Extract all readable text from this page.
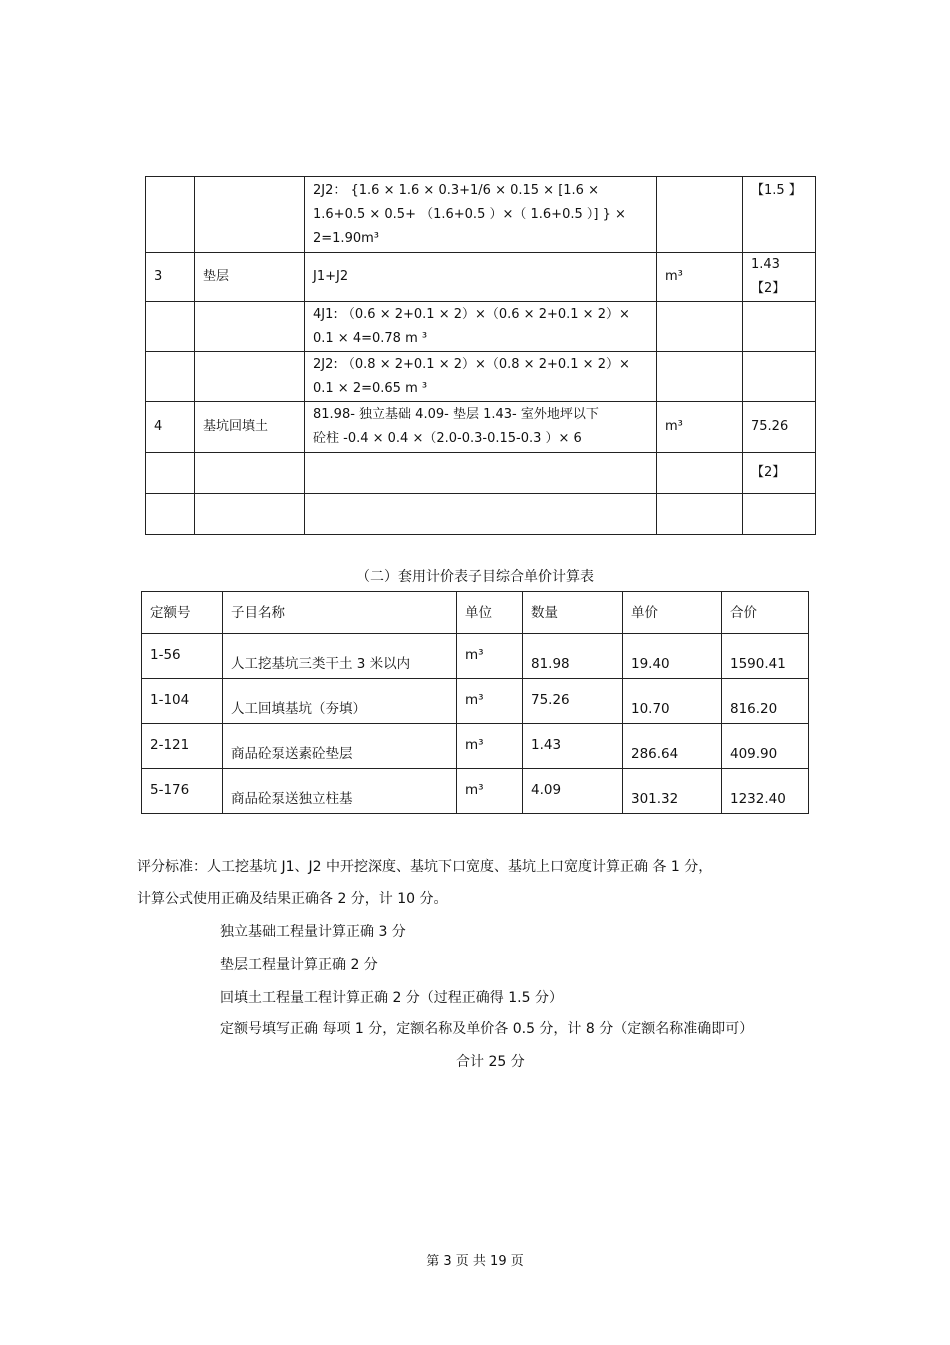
		2J2： {1.6 × 1.6 × 0.3+1/6 × 0.15 × [1.6 ×
1.6+0.5 × 0.5+ （1.6+0.5 ）×（ 1.6+0.5 ）] } ×
2=1.90m³		【1.5 】
3	垫层	J1+J2	m³	1.43【2】

		4J1: （0.6 × 2+0.1 × 2）×（0.6 × 2+0.1 × 2）×
0.1 × 4=0.78 m ³		

		2J2: （0.8 × 2+0.1 × 2）×（0.8 × 2+0.1 × 2）×
0.1 × 2=0.65 m ³		

4	基坑回填土	81.98- 独立基础 4.09- 垫层 1.43- 室外地坪以下
砼柱 -0.4 × 0.4 ×（2.0-0.3-0.15-0.3 ）× 6	m³	75.26
				【2】

（二）套用计价表子目综合单价计算表
定额号	子目名称	单位	数量	单价	合价
1-56	人工挖基坑三类干土 3 米以内	m³	81.98	19.40	1590.41
1-104	人工回填基坑（夯填）	m³	75.26	10.70	816.20
2-121	商品砼泵送素砼垫层	m³	1.43	286.64	409.90
5-176	商品砼泵送独立柱基	m³	4.09	301.32	1232.40
评分标准：人工挖基坑 J1、J2 中开挖深度、基坑下口宽度、基坑上口宽度计算正确 各 1 分，
计算公式使用正确及结果正确各 2 分，计 10 分。
独立基础工程量计算正确 3 分
垫层工程量计算正确 2 分
回填土工程量工程计算正确 2 分（过程正确得 1.5 分）
定额号填写正确 每项 1 分，定额名称及单价各 0.5 分，计 8 分（定额名称准确即可）
合计 25 分
第 3 页 共 19 页
